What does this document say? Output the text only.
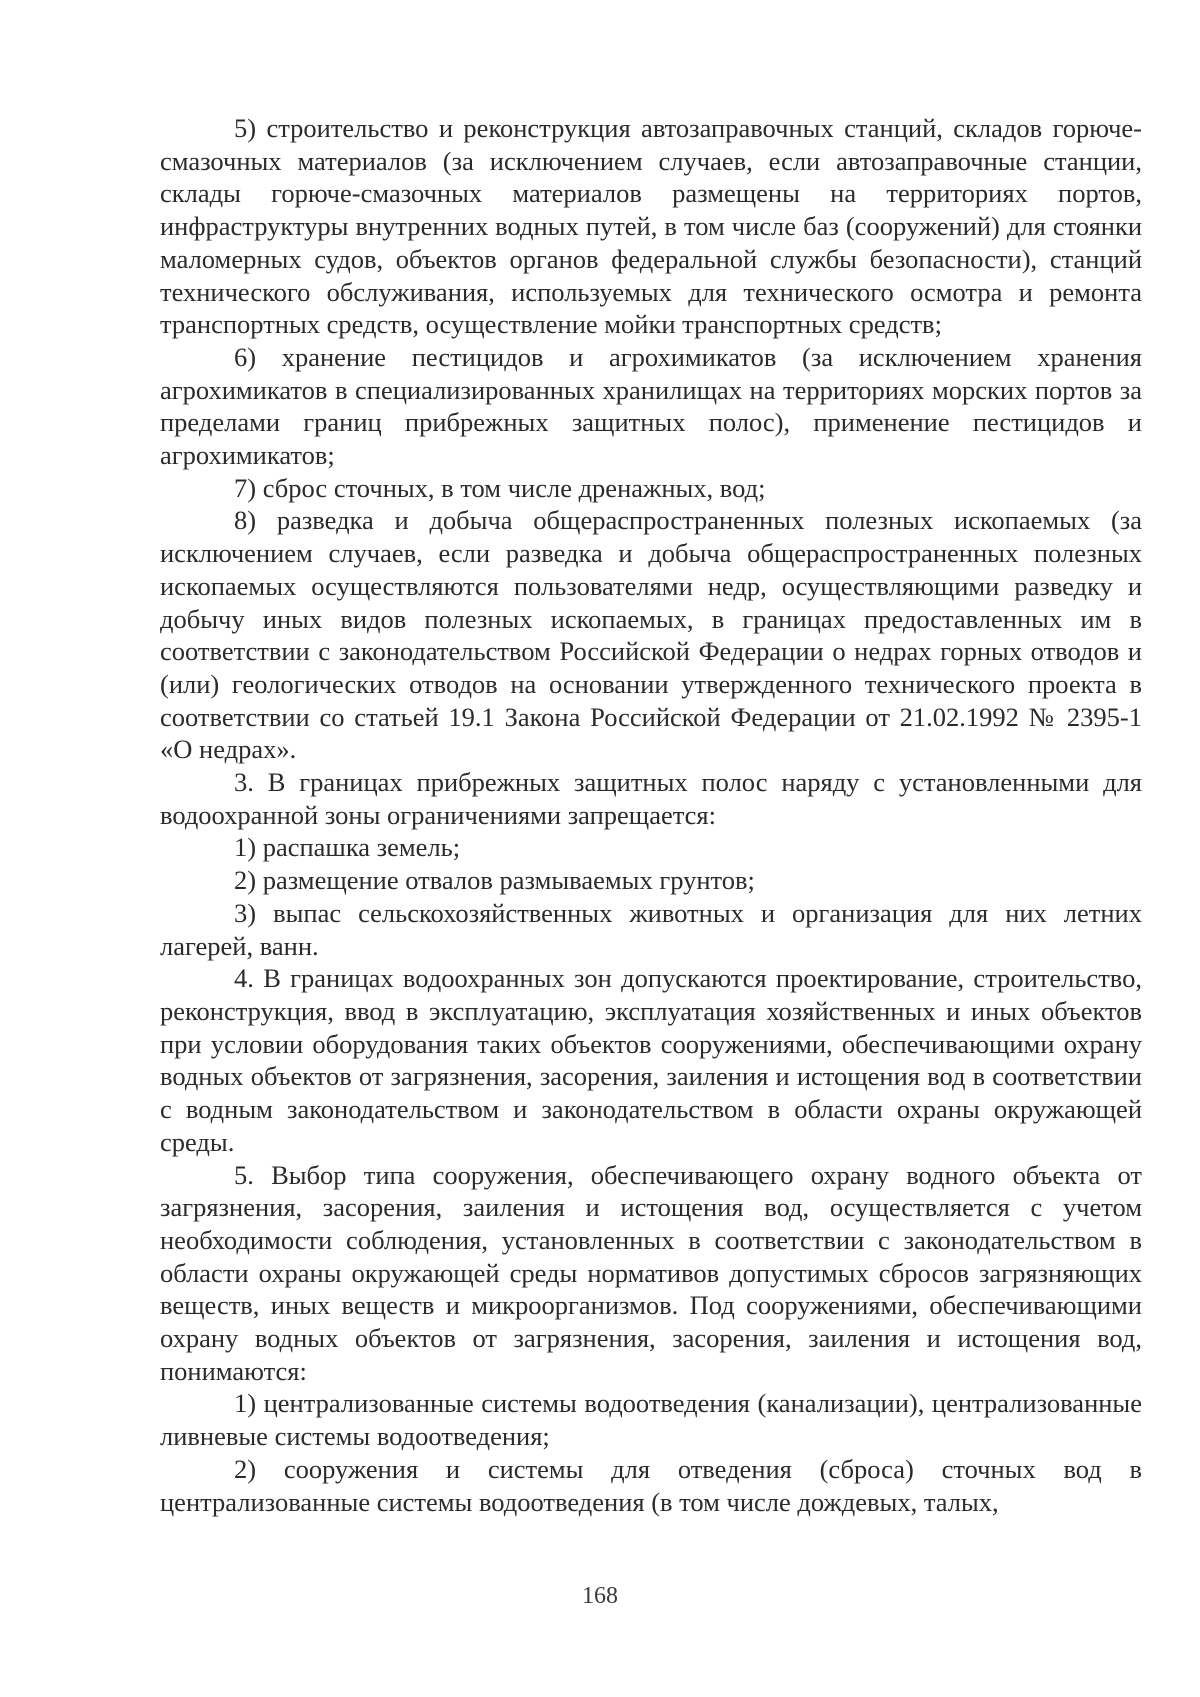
5) строительство и реконструкция автозаправочных станций, складов горюче-смазочных материалов (за исключением случаев, если автозаправочные станции, склады горюче-смазочных материалов размещены на территориях портов, инфраструктуры внутренних водных путей, в том числе баз (сооружений) для стоянки маломерных судов, объектов органов федеральной службы безопасности), станций технического обслуживания, используемых для технического осмотра и ремонта транспортных средств, осуществление мойки транспортных средств;

6) хранение пестицидов и агрохимикатов (за исключением хранения агрохимикатов в специализированных хранилищах на территориях морских портов за пределами границ прибрежных защитных полос), применение пестицидов и агрохимикатов;

7) сброс сточных, в том числе дренажных, вод;

8) разведка и добыча общераспространенных полезных ископаемых (за исключением случаев, если разведка и добыча общераспространенных полезных ископаемых осуществляются пользователями недр, осуществляющими разведку и добычу иных видов полезных ископаемых, в границах предоставленных им в соответствии с законодательством Российской Федерации о недрах горных отводов и (или) геологических отводов на основании утвержденного технического проекта в соответствии со статьей 19.1 Закона Российской Федерации от 21.02.1992 № 2395-1 «О недрах».

3. В границах прибрежных защитных полос наряду с установленными для водоохранной зоны ограничениями запрещается:

1) распашка земель;

2) размещение отвалов размываемых грунтов;

3) выпас сельскохозяйственных животных и организация для них летних лагерей, ванн.

4. В границах водоохранных зон допускаются проектирование, строительство, реконструкция, ввод в эксплуатацию, эксплуатация хозяйственных и иных объектов при условии оборудования таких объектов сооружениями, обеспечивающими охрану водных объектов от загрязнения, засорения, заиления и истощения вод в соответствии с водным законодательством и законодательством в области охраны окружающей среды.

5. Выбор типа сооружения, обеспечивающего охрану водного объекта от загрязнения, засорения, заиления и истощения вод, осуществляется с учетом необходимости соблюдения, установленных в соответствии с законодательством в области охраны окружающей среды нормативов допустимых сбросов загрязняющих веществ, иных веществ и микроорганизмов. Под сооружениями, обеспечивающими охрану водных объектов от загрязнения, засорения, заиления и истощения вод, понимаются:

1) централизованные системы водоотведения (канализации), централизованные ливневые системы водоотведения;

2) сооружения и системы для отведения (сброса) сточных вод в централизованные системы водоотведения (в том числе дождевых, талых,

168
